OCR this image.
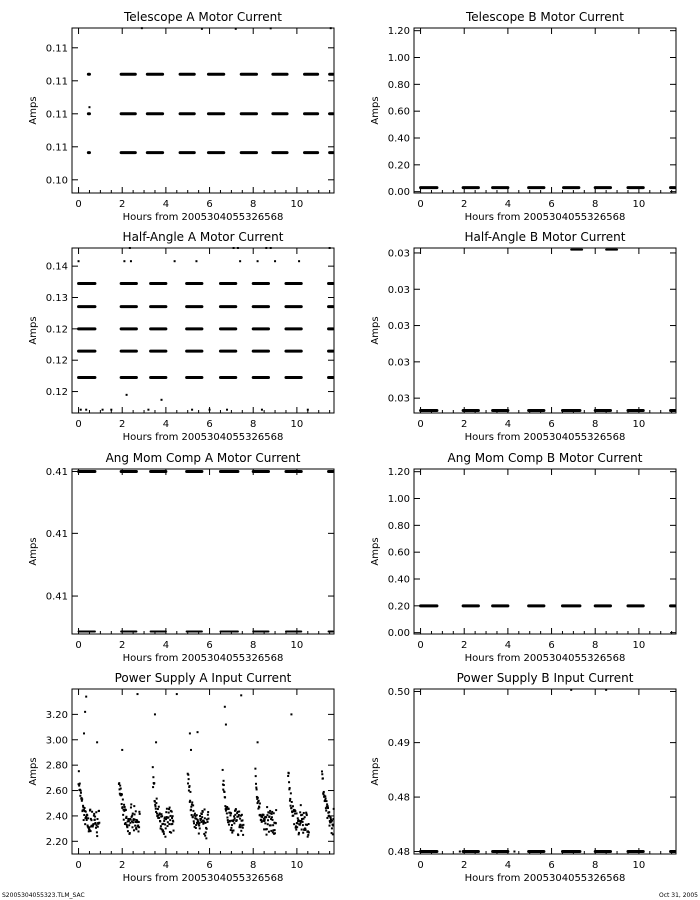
Telescope A Motor Current
0	2	4	6	8	10
0.10
0.11
0.11
0.11
0.11
Hours from 2005304055326568
Amps
Telescope B Motor Current
0	2	4	6	8	10
0.00
0.20
0.40
0.60
0.80
1.00
1.20
Hours from 2005304055326568
Amps
Half-Angle A Motor Current
0	2	4	6	8	10
0.12
0.12
0.12
0.13
0.14
Hours from 2005304055326568
Amps
Half-Angle B Motor Current
0	2	4	6	8	10
0.03
0.03
0.03
0.03
0.03
Hours from 2005304055326568
Amps
Ang Mom Comp A Motor Current
0	2	4	6	8	10
0.41
0.41
0.41
Hours from 2005304055326568
Amps
Ang Mom Comp B Motor Current
0	2	4	6	8	10
0.00
0.20
0.40
0.60
0.80
1.00
1.20
Hours from 2005304055326568
Amps
Power Supply A Input Current
0	2	4	6	8	10
2.20
2.40
2.60
2.80
3.00
3.20
Hours from 2005304055326568
Amps
Power Supply B Input Current
0	2	4	6	8	10
0.48
0.48
0.49
0.50
Hours from 2005304055326568
Amps
S2005304055323.TLM_SAC	Oct 31, 2005
